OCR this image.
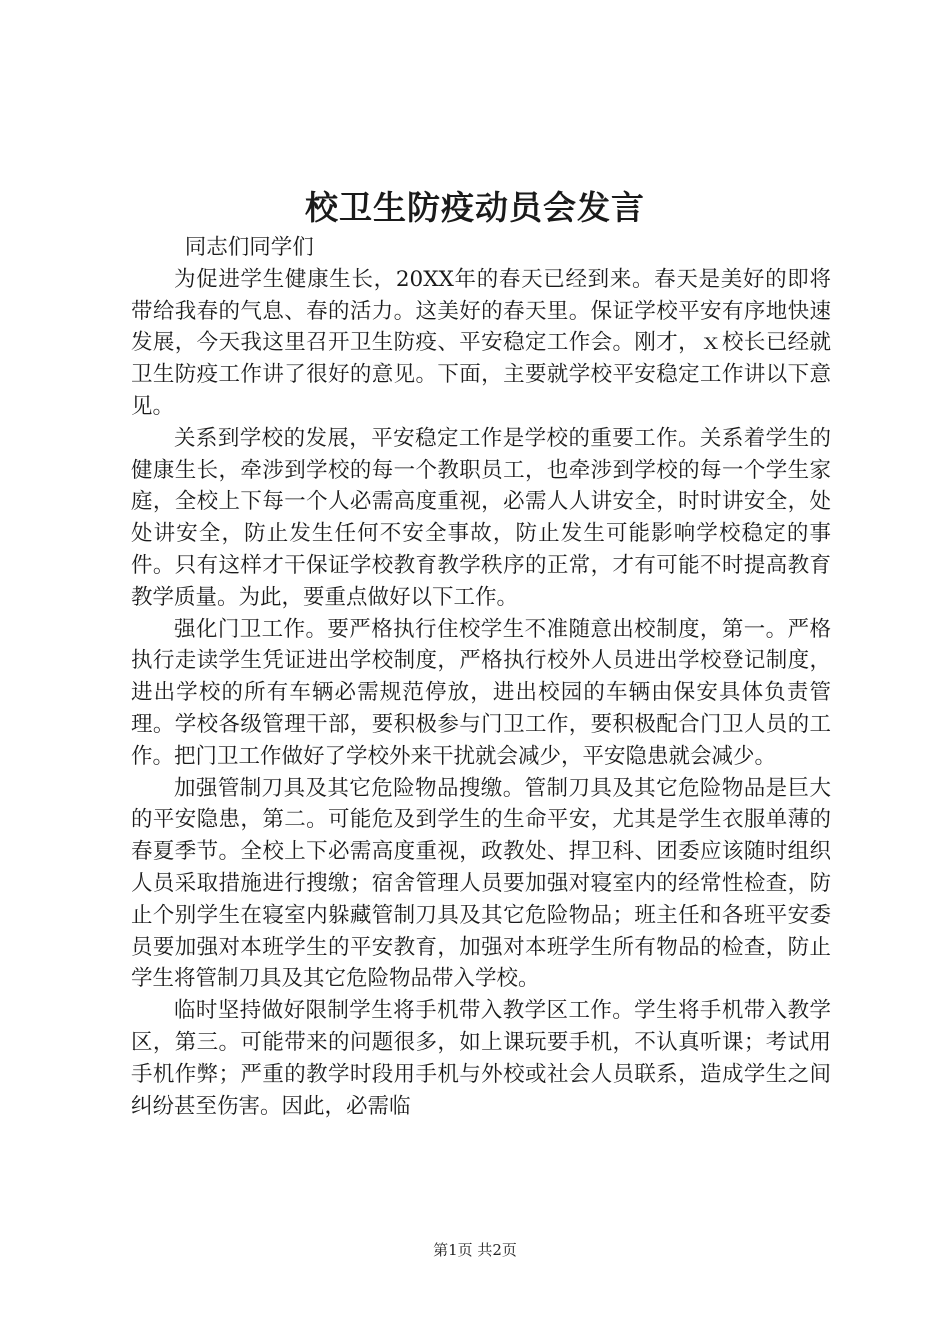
校卫生防疫动员会发言

同志们同学们

为促进学生健康生长，20XX年的春天已经到来。春天是美好的即将带给我春的气息、春的活力。这美好的春天里。保证学校平安有序地快速发展，今天我这里召开卫生防疫、平安稳定工作会。刚才，ｘ校长已经就卫生防疫工作讲了很好的意见。下面，主要就学校平安稳定工作讲以下意见。

关系到学校的发展，平安稳定工作是学校的重要工作。关系着学生的健康生长，牵涉到学校的每一个教职员工，也牵涉到学校的每一个学生家庭，全校上下每一个人必需高度重视，必需人人讲安全，时时讲安全，处处讲安全，防止发生任何不安全事故，防止发生可能影响学校稳定的事件。只有这样才干保证学校教育教学秩序的正常，才有可能不时提高教育教学质量。为此，要重点做好以下工作。

强化门卫工作。要严格执行住校学生不准随意出校制度，第一。严格执行走读学生凭证进出学校制度，严格执行校外人员进出学校登记制度，进出学校的所有车辆必需规范停放，进出校园的车辆由保安具体负责管理。学校各级管理干部，要积极参与门卫工作，要积极配合门卫人员的工作。把门卫工作做好了学校外来干扰就会减少，平安隐患就会减少。

加强管制刀具及其它危险物品搜缴。管制刀具及其它危险物品是巨大的平安隐患，第二。可能危及到学生的生命平安，尤其是学生衣服单薄的春夏季节。全校上下必需高度重视，政教处、捍卫科、团委应该随时组织人员采取措施进行搜缴；宿舍管理人员要加强对寝室内的经常性检查，防止个别学生在寝室内躲藏管制刀具及其它危险物品；班主任和各班平安委员要加强对本班学生的平安教育，加强对本班学生所有物品的检查，防止学生将管制刀具及其它危险物品带入学校。

临时坚持做好限制学生将手机带入教学区工作。学生将手机带入教学区，第三。可能带来的问题很多，如上课玩要手机，不认真听课；考试用手机作弊；严重的教学时段用手机与外校或社会人员联系，造成学生之间纠纷甚至伤害。因此，必需临

第1页 共2页
